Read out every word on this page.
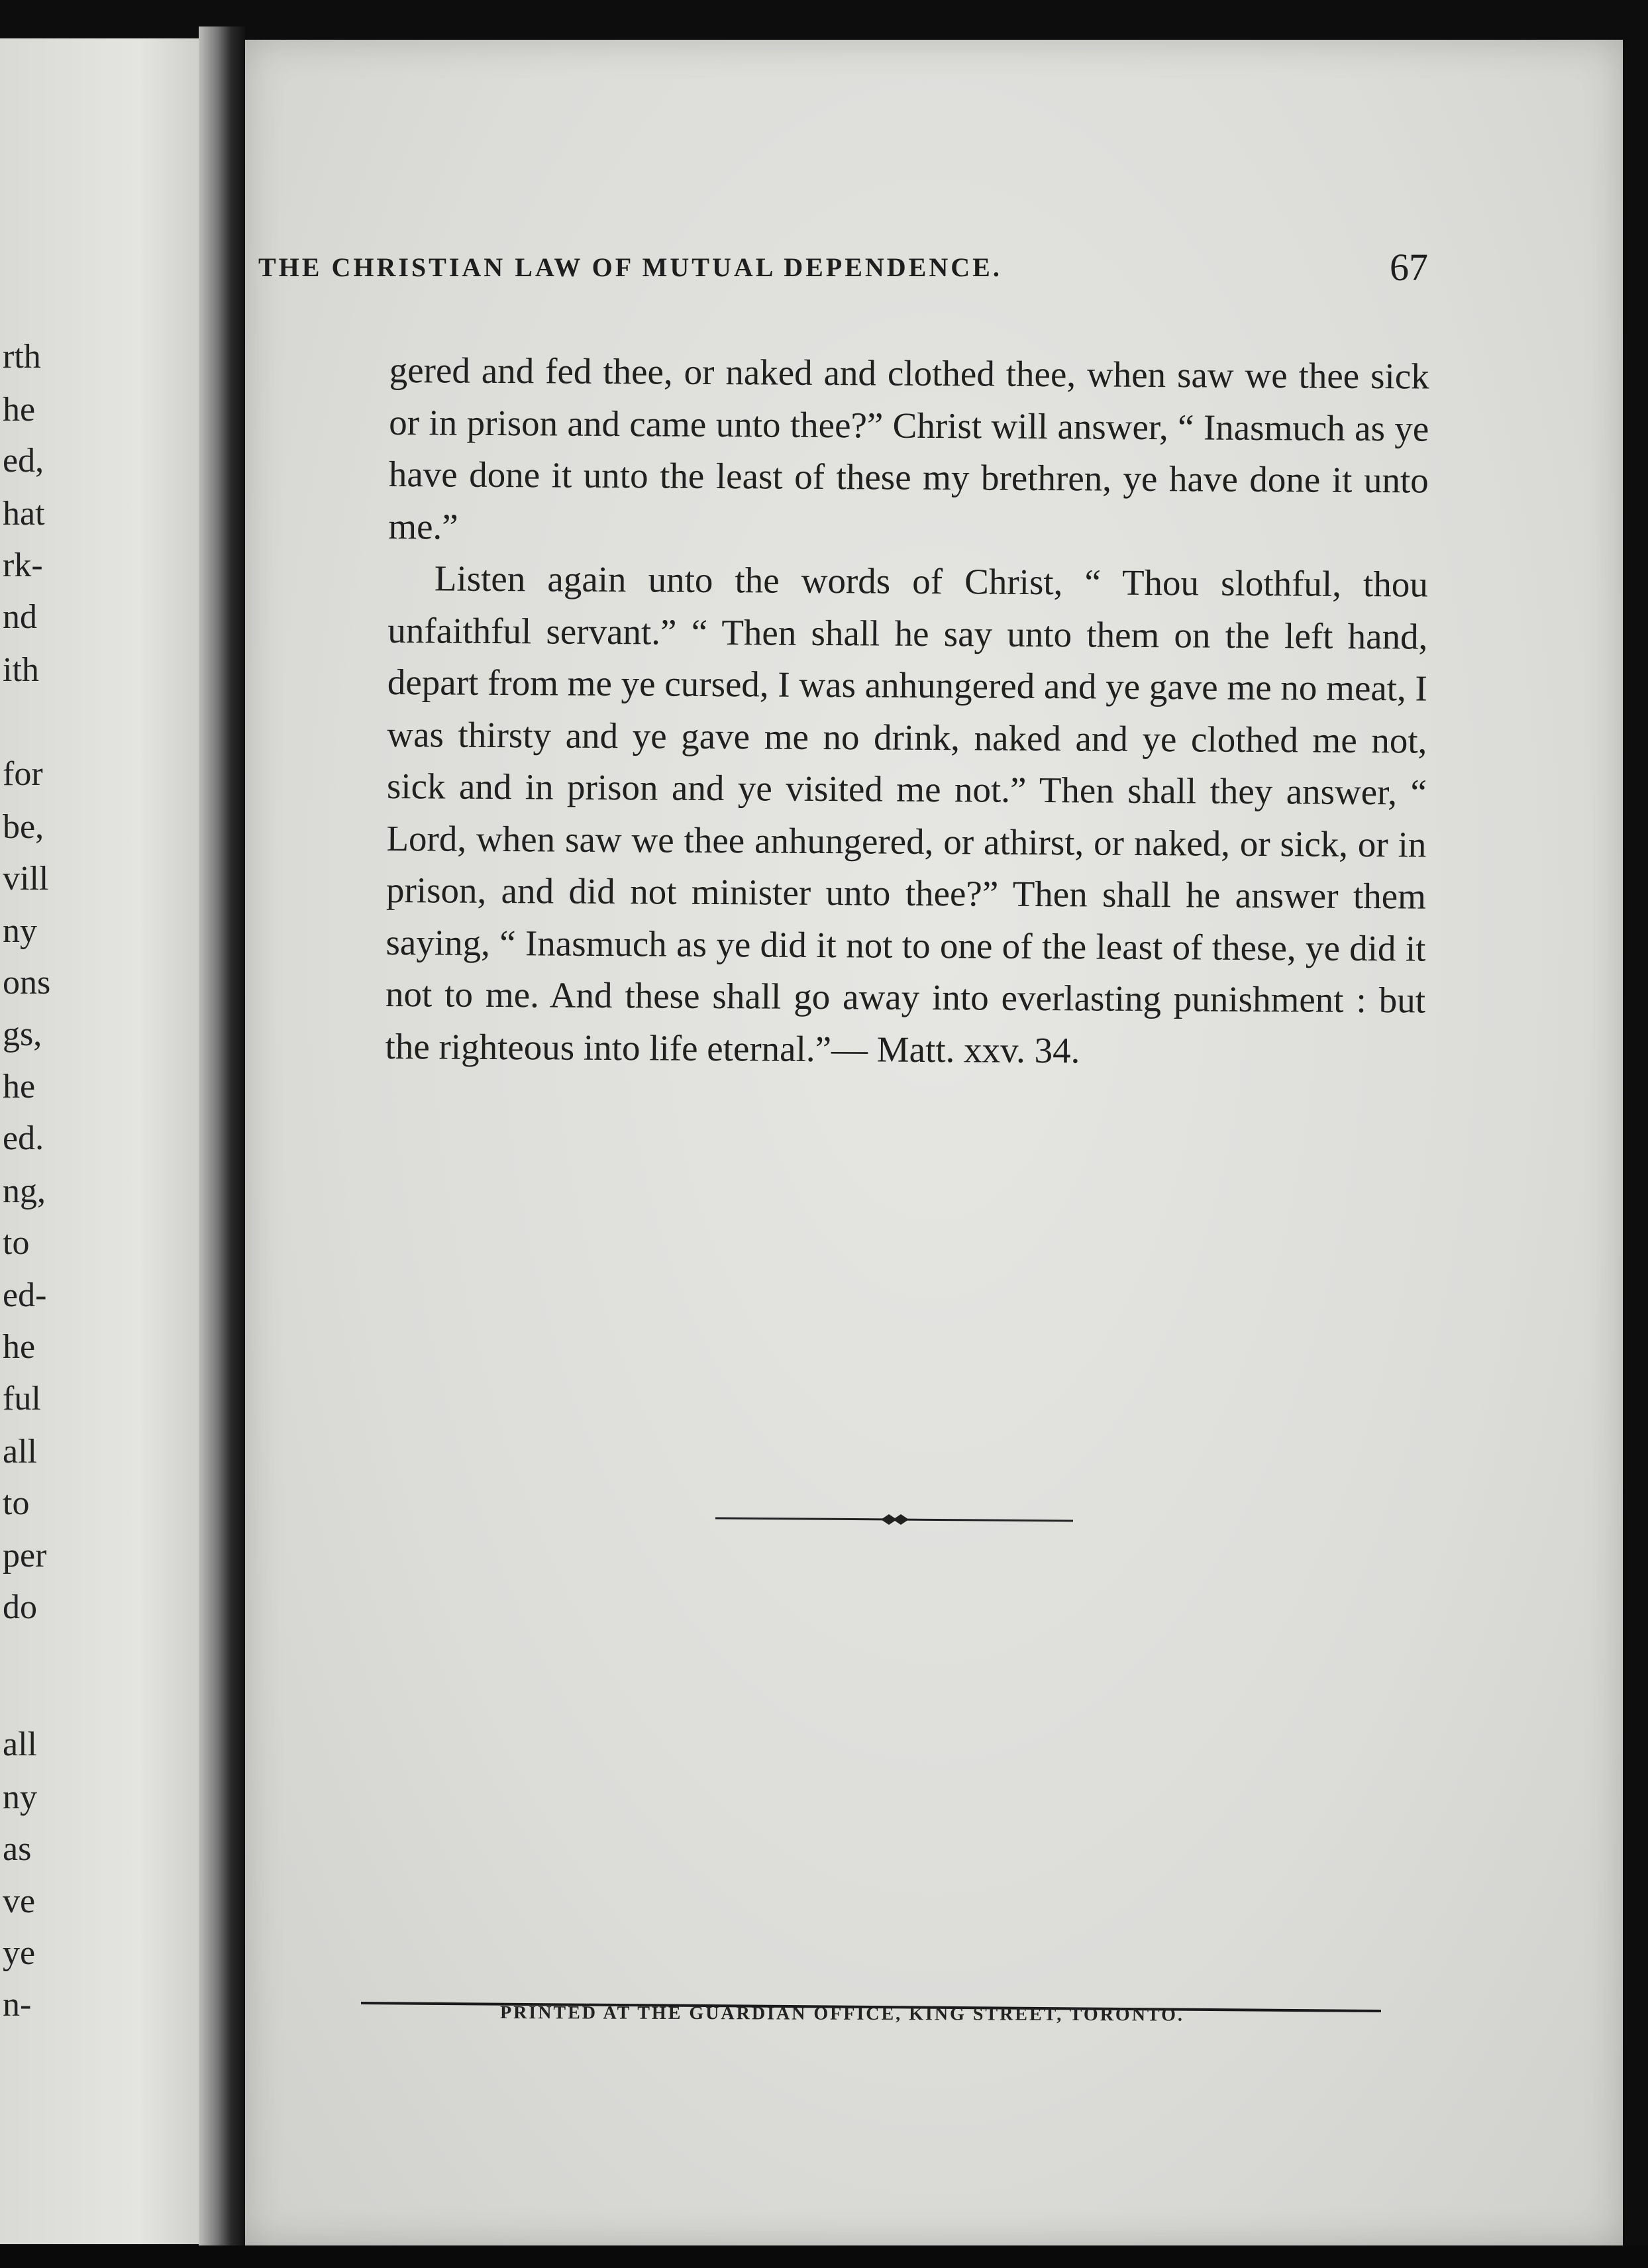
rth
he
ed,
hat
rk-
nd
ith
for
be,
vill
ny
ons
gs,
he
ed.
ng,
to
ed-
he
ful
all
to
per
do
all
ny
as
ve
ye
n-
THE CHRISTIAN LAW OF MUTUAL DEPENDENCE.	67

gered and fed thee, or naked and clothed thee, when saw we thee sick or in prison and came unto thee?” Christ will answer, “ Inasmuch as ye have done it unto the least of these my brethren, ye have done it unto me.”

Listen again unto the words of Christ, “ Thou slothful, thou unfaithful servant.” “ Then shall he say unto them on the left hand, depart from me ye cursed, I was anhungered and ye gave me no meat, I was thirsty and ye gave me no drink, naked and ye clothed me not, sick and in prison and ye visited me not.” Then shall they answer, “ Lord, when saw we thee anhungered, or athirst, or naked, or sick, or in prison, and did not minister unto thee?” Then shall he answer them saying, “ Inasmuch as ye did it not to one of the least of these, ye did it not to me. And these shall go away into everlasting punishment : but the righteous into life eternal.”— Matt. xxv. 34.

PRINTED AT THE GUARDIAN OFFICE, KING STREET, TORONTO.
